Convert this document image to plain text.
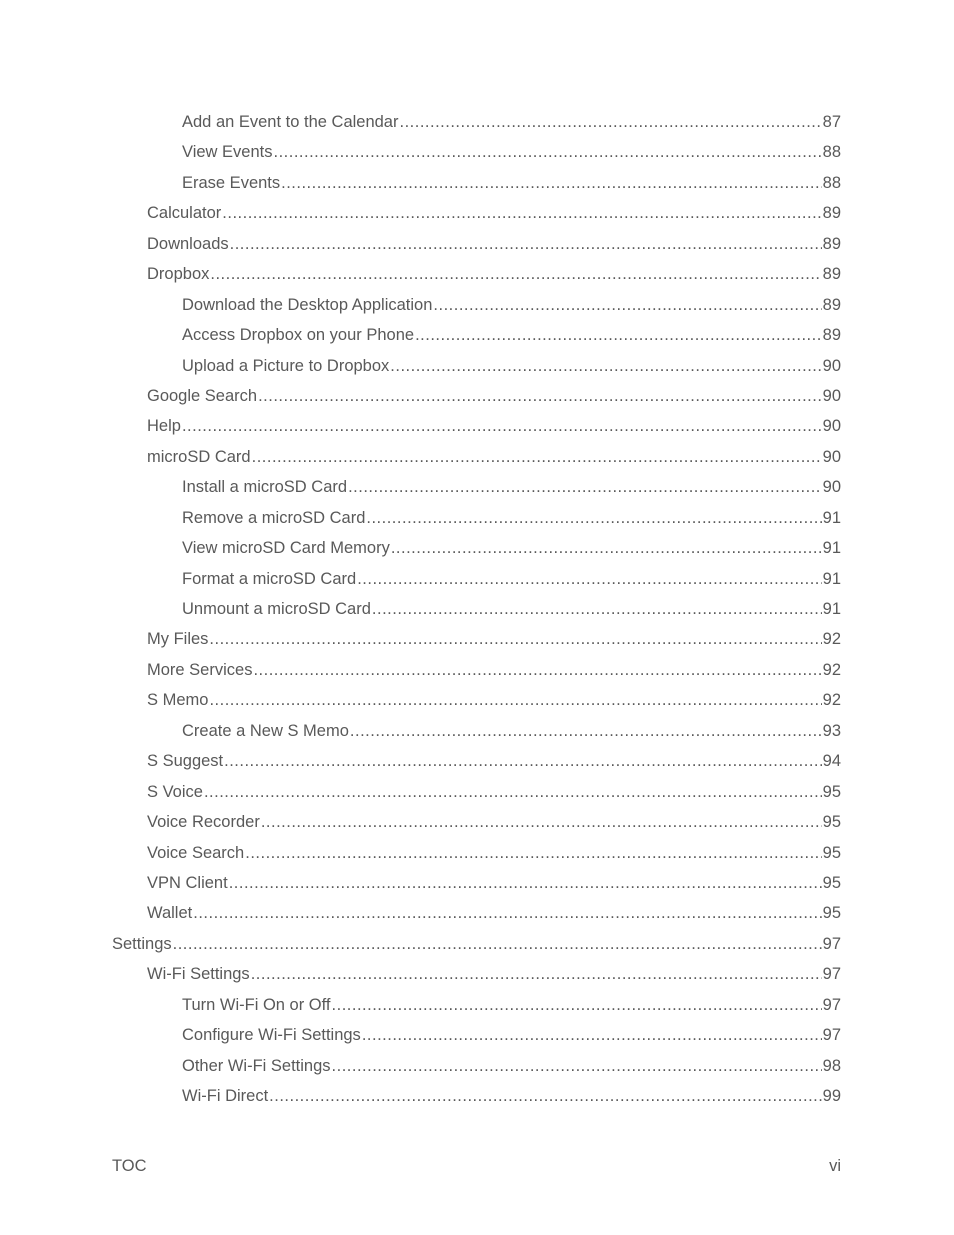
Add an Event to the Calendar .....	87
View Events .....	88
Erase Events .....	88
Calculator .....	89
Downloads .....	89
Dropbox .....	89
Download the Desktop Application .....	89
Access Dropbox on your Phone .....	89
Upload a Picture to Dropbox .....	90
Google Search .....	90
Help .....	90
microSD Card .....	90
Install a microSD Card .....	90
Remove a microSD Card .....	91
View microSD Card Memory .....	91
Format a microSD Card .....	91
Unmount a microSD Card .....	91
My Files .....	92
More Services .....	92
S Memo .....	92
Create a New S Memo .....	93
S Suggest .....	94
S Voice .....	95
Voice Recorder .....	95
Voice Search .....	95
VPN Client .....	95
Wallet .....	95
Settings .....	97
Wi-Fi Settings .....	97
Turn Wi-Fi On or Off .....	97
Configure Wi-Fi Settings .....	97
Other Wi-Fi Settings .....	98
Wi-Fi Direct .....	99
TOC	vi
